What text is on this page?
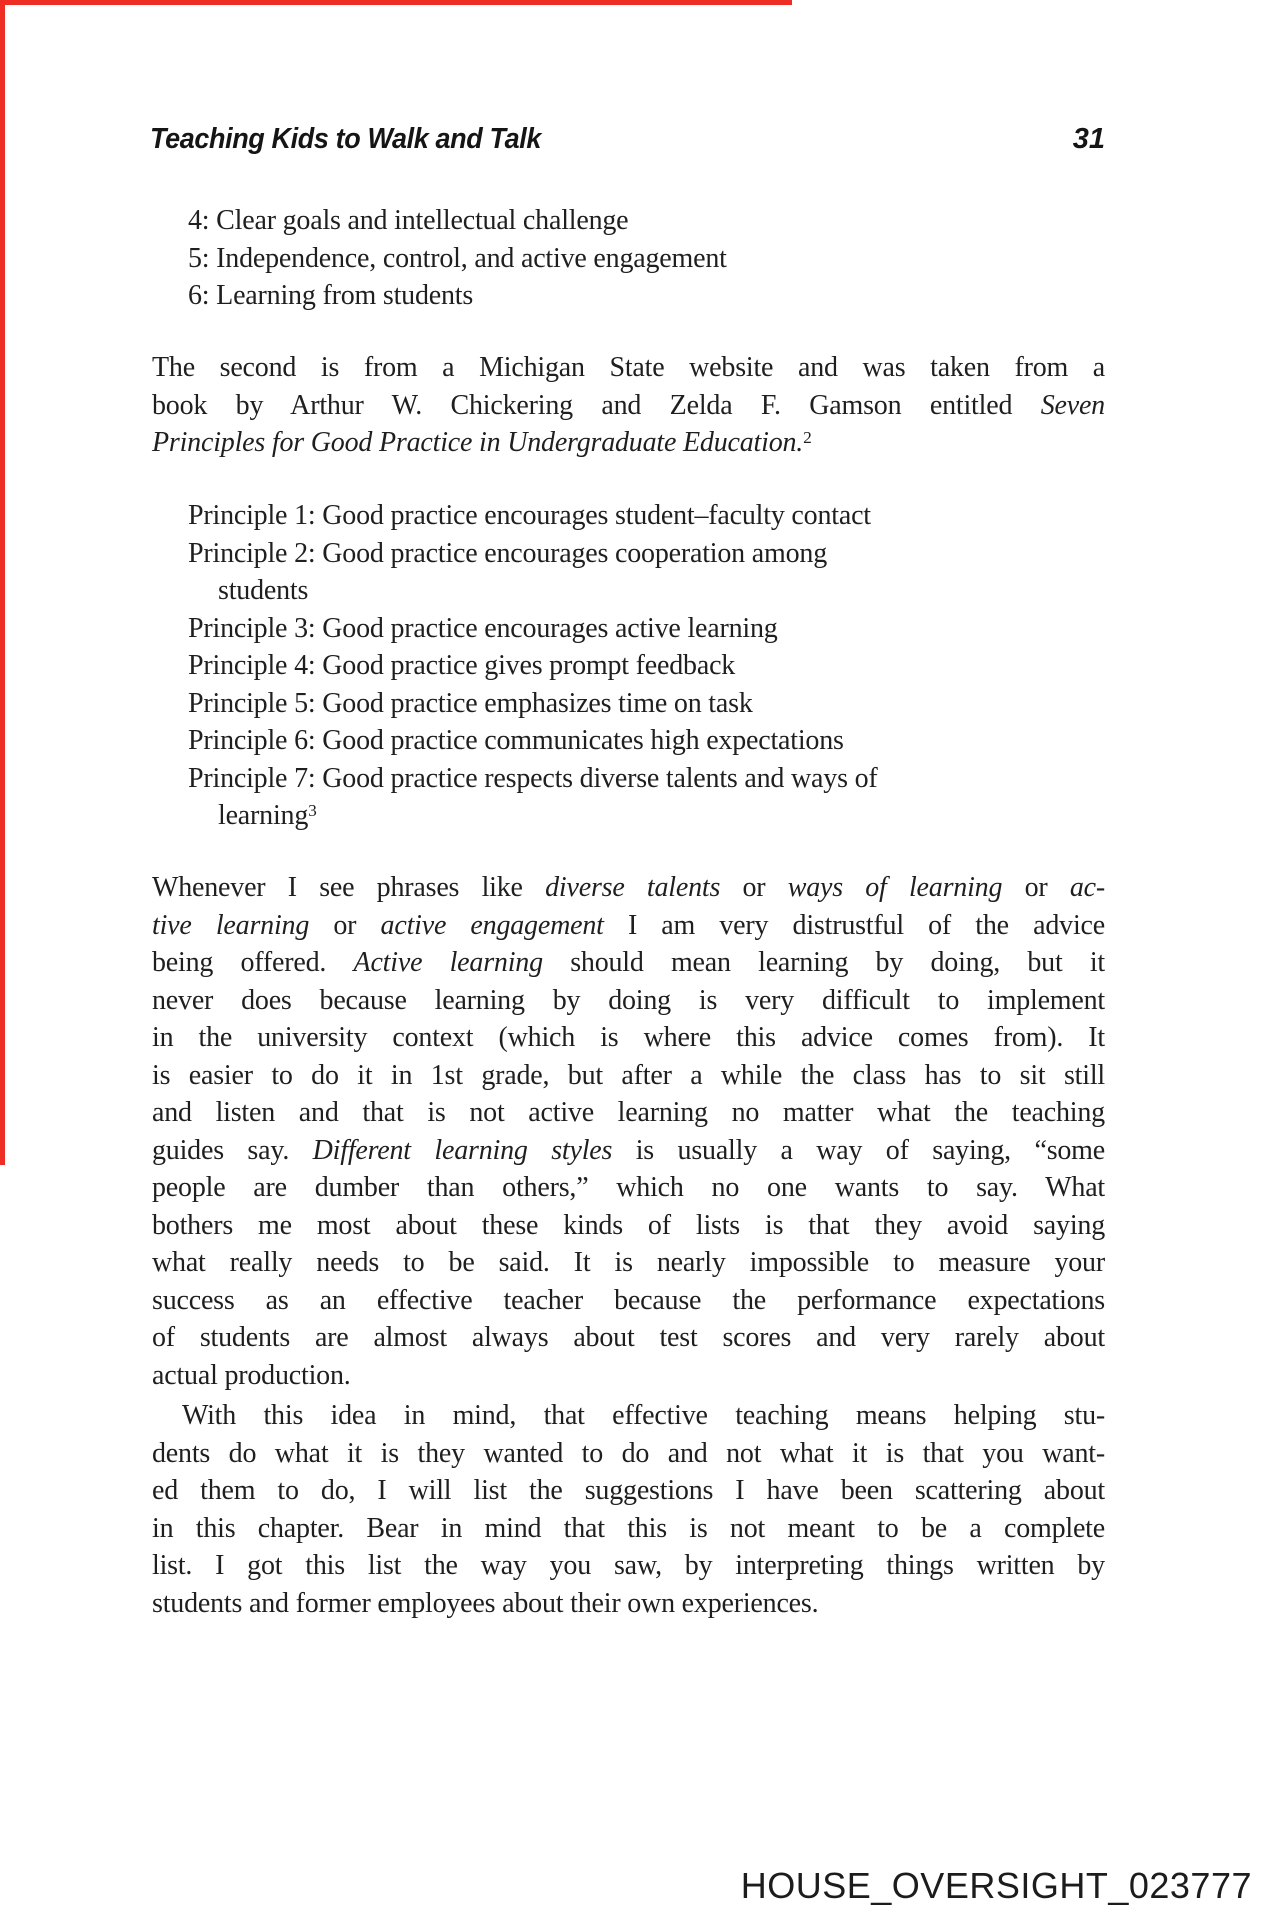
Teaching Kids to Walk and Talk	31
4: Clear goals and intellectual challenge
5: Independence, control, and active engagement
6: Learning from students
The second is from a Michigan State website and was taken from a
book by Arthur W. Chickering and Zelda F. Gamson entitled Seven
Principles for Good Practice in Undergraduate Education.$^2$
Principle 1: Good practice encourages student–faculty contact
Principle 2: Good practice encourages cooperation among
students
Principle 3: Good practice encourages active learning
Principle 4: Good practice gives prompt feedback
Principle 5: Good practice emphasizes time on task
Principle 6: Good practice communicates high expectations
Principle 7: Good practice respects diverse talents and ways of
learning$^3$
Whenever I see phrases like diverse talents or ways of learning or ac-
tive learning or active engagement I am very distrustful of the advice
being offered. Active learning should mean learning by doing, but it
never does because learning by doing is very difficult to implement
in the university context (which is where this advice comes from). It
is easier to do it in 1st grade, but after a while the class has to sit still
and listen and that is not active learning no matter what the teaching
guides say. Different learning styles is usually a way of saying, “some
people are dumber than others,” which no one wants to say. What
bothers me most about these kinds of lists is that they avoid saying
what really needs to be said. It is nearly impossible to measure your
success as an effective teacher because the performance expectations
of students are almost always about test scores and very rarely about
actual production.
With this idea in mind, that effective teaching means helping stu-
dents do what it is they wanted to do and not what it is that you want-
ed them to do, I will list the suggestions I have been scattering about
in this chapter. Bear in mind that this is not meant to be a complete
list. I got this list the way you saw, by interpreting things written by
students and former employees about their own experiences.
HOUSE_OVERSIGHT_023777
